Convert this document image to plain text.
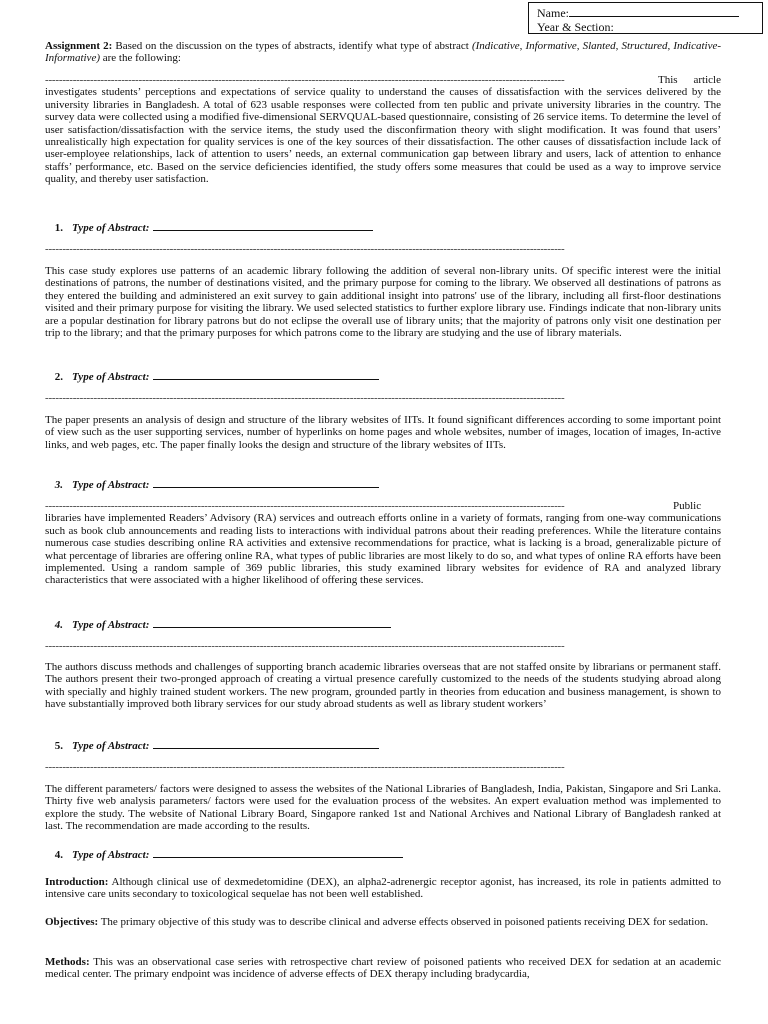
Name:
Year & Section:

Assignment 2: Based on the discussion on the types of abstracts, identify what type of abstract (Indicative, Informative, Slanted, Structured, Indicative-Informative) are the following:

------------------------------------------------------------------------------------------------------------------------------------------------------	This article investigates students’ perceptions and expectations of service quality to understand the causes of dissatisfaction with the services delivered by the university libraries in Bangladesh. A total of 623 usable responses were collected from ten public and private university libraries in the country. The survey data were collected using a modified five-dimensional SERVQUAL-based questionnaire, consisting of 26 service items. To determine the level of user satisfaction/dissatisfaction with the service items, the study used the disconfirmation theory with slight modification. It was found that users’ unrealistically high expectation for quality services is one of the key sources of their dissatisfaction. The other causes of dissatisfaction include lack of user-employee relationships, lack of attention to users’ needs, an external communication gap between library and users, lack of attention to enhance staffs’ performance, etc. Based on the service deficiencies identified, the study offers some measures that could be used as a way to improve service quality, and thereby user satisfaction.

1. Type of Abstract:
------------------------------------------------------------------------------------------------------------------------------------------------------

This case study explores use patterns of an academic library following the addition of several non-library units. Of specific interest were the initial destinations of patrons, the number of destinations visited, and the primary purpose for coming to the library. We observed all destinations of patrons as they entered the building and administered an exit survey to gain additional insight into patrons' use of the library, including all first-floor destinations visited and their primary purpose for visiting the library. We used selected statistics to further explore library use. Findings indicate that non-library units are a popular destination for library patrons but do not eclipse the overall use of library units; that the majority of patrons only visit one destination per trip to the library; and that the primary purposes for which patrons come to the library are studying and the use of library materials.

2. Type of Abstract:
------------------------------------------------------------------------------------------------------------------------------------------------------

The paper presents an analysis of design and structure of the library websites of IITs. It found significant differences according to some important point of view such as the user supporting services, number of hyperlinks on home pages and whole websites, number of images, location of images, In-active links, and web pages, etc. The paper finally looks the design and structure of the library websites of IITs.

3. Type of Abstract:

------------------------------------------------------------------------------------------------------------------------------------------------------	Public libraries have implemented Readers’ Advisory (RA) services and outreach efforts online in a variety of formats, ranging from one-way communications such as book club announcements and reading lists to interactions with individual patrons about their reading preferences. While the literature contains numerous case studies describing online RA activities and extensive recommendations for practice, what is lacking is a broad, generalizable picture of what percentage of libraries are offering online RA, what types of public libraries are most likely to do so, and what types of online RA efforts have been implemented. Using a random sample of 369 public libraries, this study examined library websites for evidence of RA and analyzed library characteristics that were associated with a higher likelihood of offering these services.

4. Type of Abstract:
------------------------------------------------------------------------------------------------------------------------------------------------------

The authors discuss methods and challenges of supporting branch academic libraries overseas that are not staffed onsite by librarians or permanent staff. The authors present their two-pronged approach of creating a virtual presence carefully customized to the needs of the students studying abroad along with specially and highly trained student workers. The new program, grounded partly in theories from education and business management, is shown to have substantially improved both library services for our study abroad students as well as library student workers’

5. Type of Abstract:
------------------------------------------------------------------------------------------------------------------------------------------------------

The different parameters/ factors were designed to assess the websites of the National Libraries of Bangladesh, India, Pakistan, Singapore and Sri Lanka. Thirty five web analysis parameters/ factors were used for the evaluation process of the websites. An expert evaluation method was implemented to explore the study. The website of National Library Board, Singapore ranked 1st and National Archives and National Library of Bangladesh ranked at last. The recommendation are made according to the results.

4. Type of Abstract:

Introduction: Although clinical use of dexmedetomidine (DEX), an alpha2-adrenergic receptor agonist, has increased, its role in patients admitted to intensive care units secondary to toxicological sequelae has not been well established.

Objectives: The primary objective of this study was to describe clinical and adverse effects observed in poisoned patients receiving DEX for sedation.

Methods: This was an observational case series with retrospective chart review of poisoned patients who received DEX for sedation at an academic medical center. The primary endpoint was incidence of adverse effects of DEX therapy including bradycardia,
